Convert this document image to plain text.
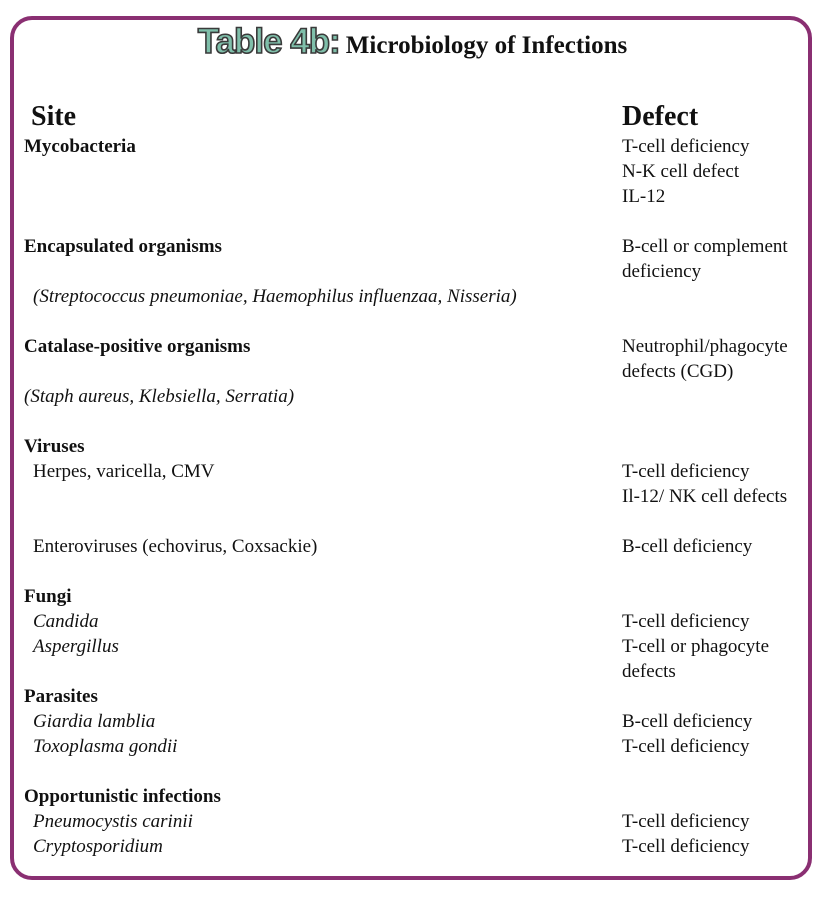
Table 4b: Microbiology of Infections
Site	Defect
Mycobacteria	T-cell deficiency
N-K cell defect
IL-12
Encapsulated organisms	B-cell or complement
deficiency
(Streptococcus pneumoniae, Haemophilus influenzaa, Nisseria)
Catalase-positive organisms	Neutrophil/phagocyte
defects (CGD)
(Staph aureus, Klebsiella, Serratia)
Viruses
Herpes, varicella, CMV	T-cell deficiency
Il-12/ NK cell defects
Enteroviruses (echovirus, Coxsackie)	B-cell deficiency
Fungi
Candida	T-cell deficiency
Aspergillus	T-cell or phagocyte
defects
Parasites
Giardia lamblia	B-cell deficiency
Toxoplasma gondii	T-cell deficiency
Opportunistic infections
Pneumocystis carinii	T-cell deficiency
Cryptosporidium	T-cell deficiency
